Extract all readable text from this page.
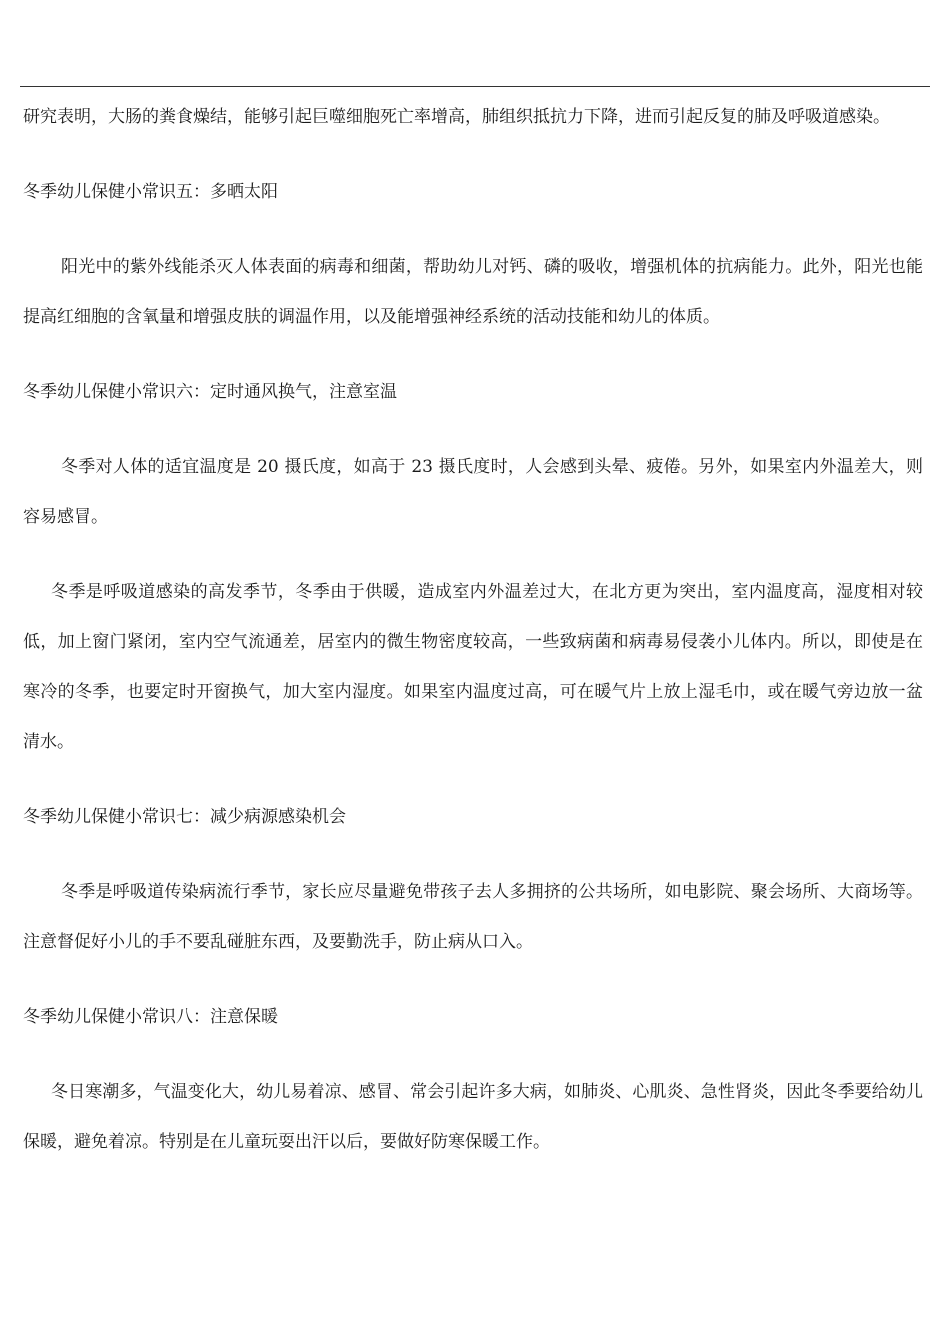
研究表明，大肠的粪食燥结，能够引起巨噬细胞死亡率增高，肺组织抵抗力下降，进而引起反复的肺及呼吸道感染。

冬季幼儿保健小常识五：多晒太阳

阳光中的紫外线能杀灭人体表面的病毒和细菌，帮助幼儿对钙、磷的吸收，增强机体的抗病能力。此外，阳光也能提高红细胞的含氧量和增强皮肤的调温作用，以及能增强神经系统的活动技能和幼儿的体质。

冬季幼儿保健小常识六：定时通风换气，注意室温

冬季对人体的适宜温度是 20 摄氏度，如高于 23 摄氏度时，人会感到头晕、疲倦。另外，如果室内外温差大，则容易感冒。

冬季是呼吸道感染的高发季节，冬季由于供暖，造成室内外温差过大，在北方更为突出，室内温度高，湿度相对较低，加上窗门紧闭，室内空气流通差，居室内的微生物密度较高，一些致病菌和病毒易侵袭小儿体内。所以，即使是在寒冷的冬季，也要定时开窗换气，加大室内湿度。如果室内温度过高，可在暖气片上放上湿毛巾，或在暖气旁边放一盆清水。

冬季幼儿保健小常识七：减少病源感染机会

冬季是呼吸道传染病流行季节，家长应尽量避免带孩子去人多拥挤的公共场所，如电影院、聚会场所、大商场等。注意督促好小儿的手不要乱碰脏东西，及要勤洗手，防止病从口入。

冬季幼儿保健小常识八：注意保暖

冬日寒潮多，气温变化大，幼儿易着凉、感冒、常会引起许多大病，如肺炎、心肌炎、急性肾炎，因此冬季要给幼儿保暖，避免着凉。特别是在儿童玩耍出汗以后，要做好防寒保暖工作。
